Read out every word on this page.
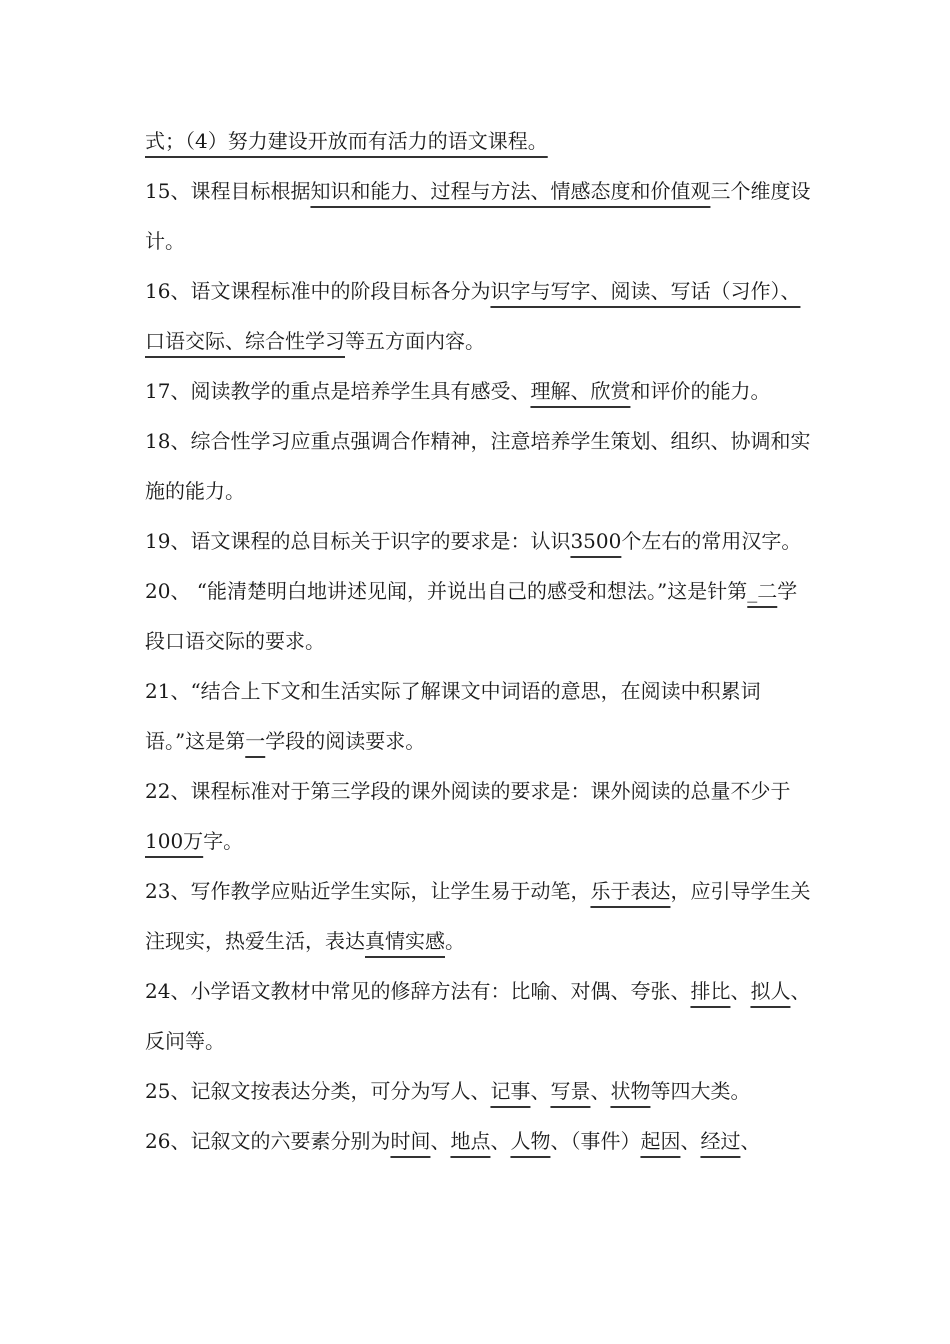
式；（4）努力建设开放而有活力的语文课程。

15、课程目标根据知识和能力、过程与方法、情感态度和价值观三个维度设计。

16、语文课程标准中的阶段目标各分为识字与写字、阅读、写话（习作）、口语交际、综合性学习等五方面内容。

17、阅读教学的重点是培养学生具有感受、理解、欣赏和评价的能力。

18、综合性学习应重点强调合作精神，注意培养学生策划、组织、协调和实施的能力。

19、语文课程的总目标关于识字的要求是：认识3500个左右的常用汉字。

20、 “能清楚明白地讲述见闻，并说出自己的感受和想法。”这是针第_二学段口语交际的要求。

21、“结合上下文和生活实际了解课文中词语的意思，在阅读中积累词语。”这是第一学段的阅读要求。

22、课程标准对于第三学段的课外阅读的要求是：课外阅读的总量不少于100万字。

23、写作教学应贴近学生实际，让学生易于动笔，乐于表达，应引导学生关注现实，热爱生活，表达真情实感。

24、小学语文教材中常见的修辞方法有：比喻、对偶、夸张、排比、拟人、反问等。

25、记叙文按表达分类，可分为写人、记事、写景、状物等四大类。

26、记叙文的六要素分别为时间、地点、人物、（事件）起因、经过、
